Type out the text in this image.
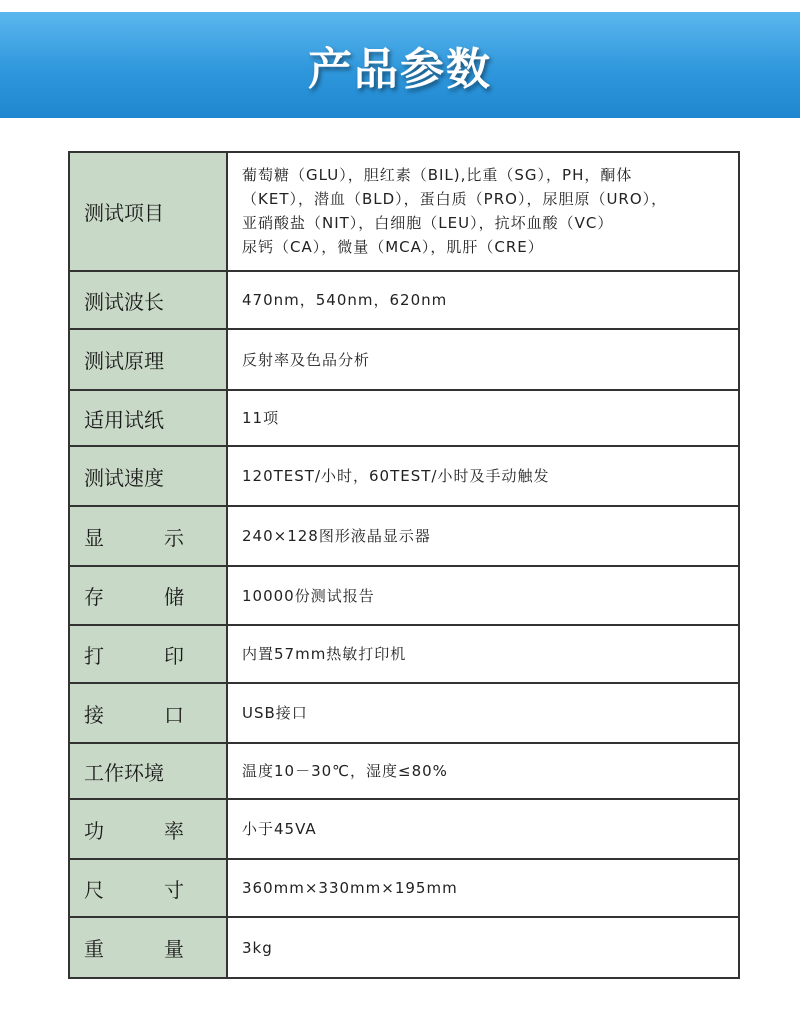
产品参数
测试项目	葡萄糖（GLU），胆红素（BIL),比重（SG），PH，酮体
（KET），潜血（BLD），蛋白质（PRO），尿胆原（URO），
亚硝酸盐（NIT），白细胞（LEU），抗坏血酸（VC）
尿钙（CA），微量（MCA），肌肝（CRE）

测试波长	470nm，540nm，620nm

测试原理	反射率及色品分析

适用试纸	11项

测试速度	120TEST/小时，60TEST/小时及手动触发

显 示	240×128图形液晶显示器

存 储	10000份测试报告

打 印	内置57mm热敏打印机

接 口	USB接口

工作环境	温度10－30℃，湿度≤80%

功 率	小于45VA

尺 寸	360mm×330mm×195mm

重 量	3kg
